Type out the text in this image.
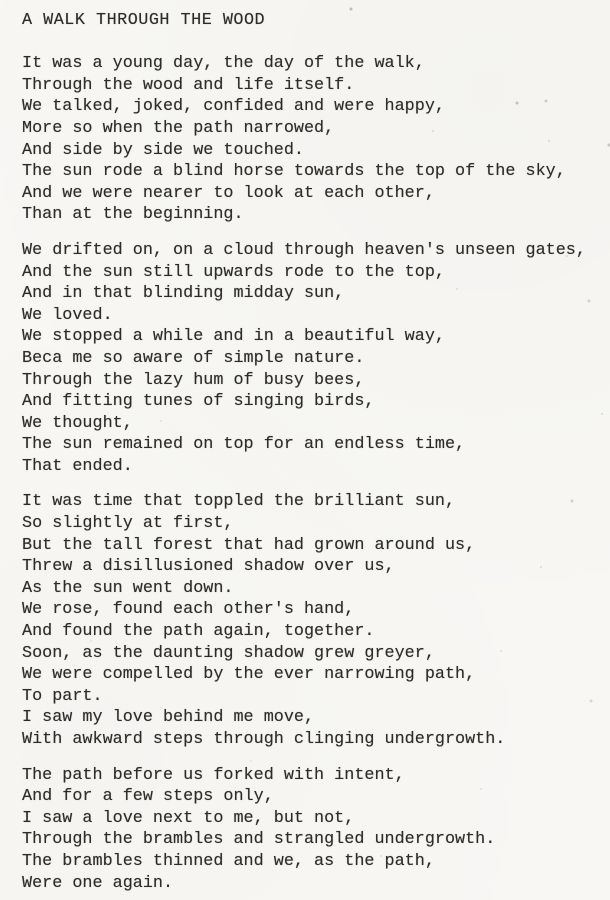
A WALK THROUGH THE WOOD

It was a young day, the day of the walk,

Through the wood and life itself.

We talked, joked, confided and were happy,

More so when the path narrowed,

And side by side we touched.

The sun rode a blind horse towards the top of the sky,

And we were nearer to look at each other,

Than at the beginning.

We drifted on, on a cloud through heaven's unseen gates,

And the sun still upwards rode to the top,

And in that blinding midday sun,

We loved.

We stopped a while and in a beautiful way,

Beca me so aware of simple nature.

Through the lazy hum of busy bees,

And fitting tunes of singing birds,

We thought,

The sun remained on top for an endless time,

That ended.

It was time that toppled the brilliant sun,

So slightly at first,

But the tall forest that had grown around us,

Threw a disillusioned shadow over us,

As the sun went down.

We rose, found each other's hand,

And found the path again, together.

Soon, as the daunting shadow grew greyer,

We were compelled by the ever narrowing path,

To part.

I saw my love behind me move,

With awkward steps through clinging undergrowth.

The path before us forked with intent,

And for a few steps only,

I saw a love next to me, but not,

Through the brambles and strangled undergrowth.

The brambles thinned and we, as the path,

Were one again.
